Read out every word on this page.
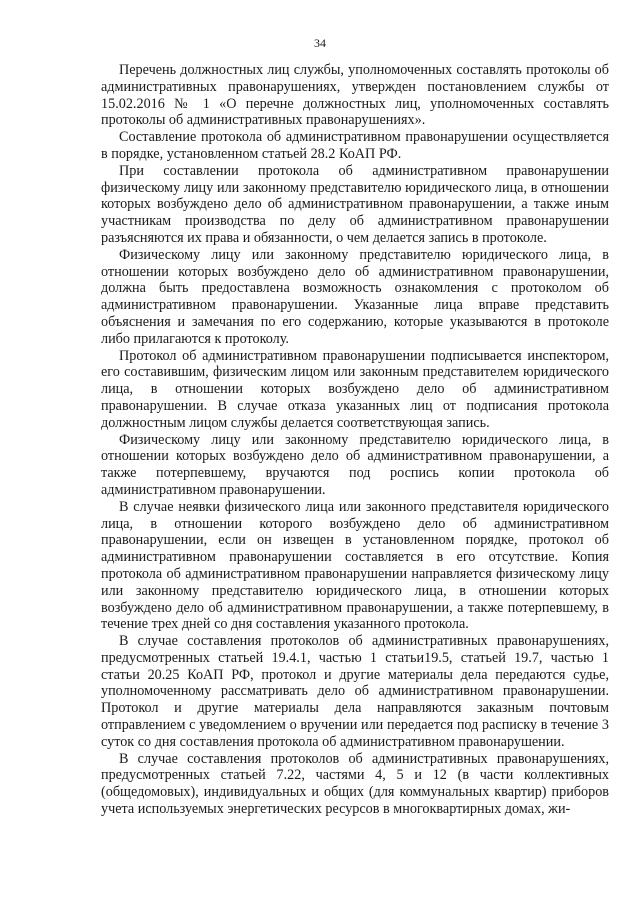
34

Перечень должностных лиц службы, уполномоченных составлять протоколы об административных правонарушениях, утвержден постановлением службы от 15.02.2016 № 1 «О перечне должностных лиц, уполномоченных составлять протоколы об административных правонарушениях».

Составление протокола об административном правонарушении осуществляется в порядке, установленном статьей 28.2 КоАП РФ.

При составлении протокола об административном правонарушении физическому лицу или законному представителю юридического лица, в отношении которых возбуждено дело об административном правонарушении, а также иным участникам производства по делу об административном правонарушении разъясняются их права и обязанности, о чем делается запись в протоколе.

Физическому лицу или законному представителю юридического лица, в отношении которых возбуждено дело об административном правонарушении, должна быть предоставлена возможность ознакомления с протоколом об административном правонарушении. Указанные лица вправе представить объяснения и замечания по его содержанию, которые указываются в протоколе либо прилагаются к протоколу.

Протокол об административном правонарушении подписывается инспектором, его составившим, физическим лицом или законным представителем юридического лица, в отношении которых возбуждено дело об административном правонарушении. В случае отказа указанных лиц от подписания протокола должностным лицом службы делается соответствующая запись.

Физическому лицу или законному представителю юридического лица, в отношении которых возбуждено дело об административном правонарушении, а также потерпевшему, вручаются под роспись копии протокола об административном правонарушении.

В случае неявки физического лица или законного представителя юридического лица, в отношении которого возбуждено дело об административном правонарушении, если он извещен в установленном порядке, протокол об административном правонарушении составляется в его отсутствие. Копия протокола об административном правонарушении направляется физическому лицу или законному представителю юридического лица, в отношении которых возбуждено дело об административном правонарушении, а также потерпевшему, в течение трех дней со дня составления указанного протокола.

В случае составления протоколов об административных правонарушениях, предусмотренных статьей 19.4.1, частью 1 статьи19.5, статьей 19.7, частью 1 статьи 20.25 КоАП РФ, протокол и другие материалы дела передаются судье, уполномоченному рассматривать дело об административном правонарушении. Протокол и другие материалы дела направляются заказным почтовым отправлением с уведомлением о вручении или передается под расписку в течение 3 суток со дня составления протокола об административном правонарушении.

В случае составления протоколов об административных правонарушениях, предусмотренных статьей 7.22, частями 4, 5 и 12 (в части коллективных (общедомовых), индивидуальных и общих (для коммунальных квартир) приборов учета используемых энергетических ресурсов в многоквартирных домах, жи-
